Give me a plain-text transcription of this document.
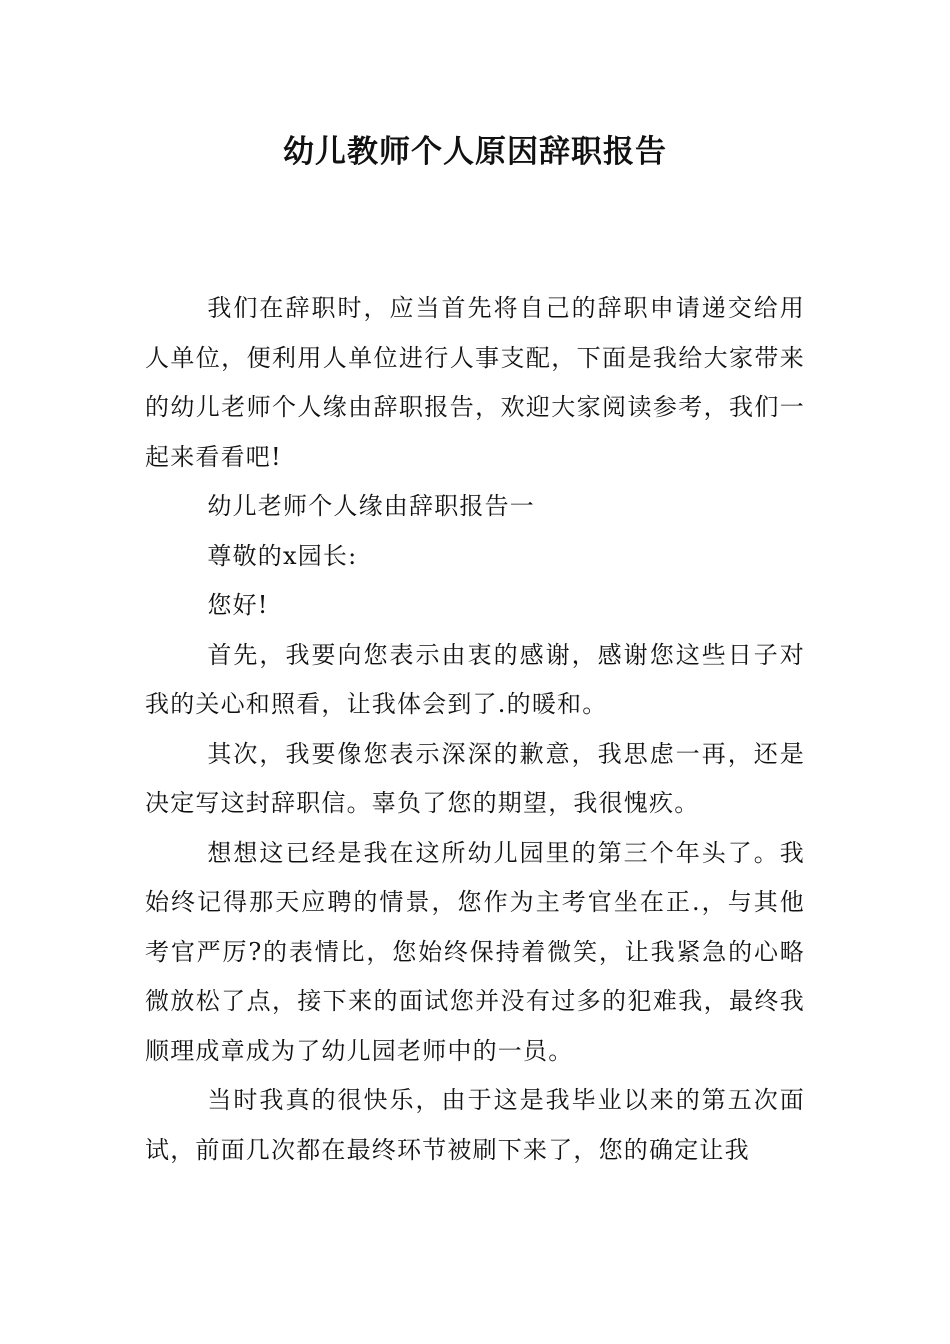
幼儿教师个人原因辞职报告

我们在辞职时，应当首先将自己的辞职申请递交给用人单位，便利用人单位进行人事支配，下面是我给大家带来的幼儿老师个人缘由辞职报告，欢迎大家阅读参考，我们一起来看看吧!

幼儿老师个人缘由辞职报告一

尊敬的x园长:

您好!

首先，我要向您表示由衷的感谢，感谢您这些日子对我的关心和照看，让我体会到了.的暖和。

其次，我要像您表示深深的歉意，我思虑一再，还是决定写这封辞职信。辜负了您的期望，我很愧疚。

想想这已经是我在这所幼儿园里的第三个年头了。我始终记得那天应聘的情景，您作为主考官坐在正.，与其他考官严厉?的表情比，您始终保持着微笑，让我紧急的心略微放松了点，接下来的面试您并没有过多的犯难我，最终我顺理成章成为了幼儿园老师中的一员。

当时我真的很快乐，由于这是我毕业以来的第五次面试，前面几次都在最终环节被刷下来了，您的确定让我
